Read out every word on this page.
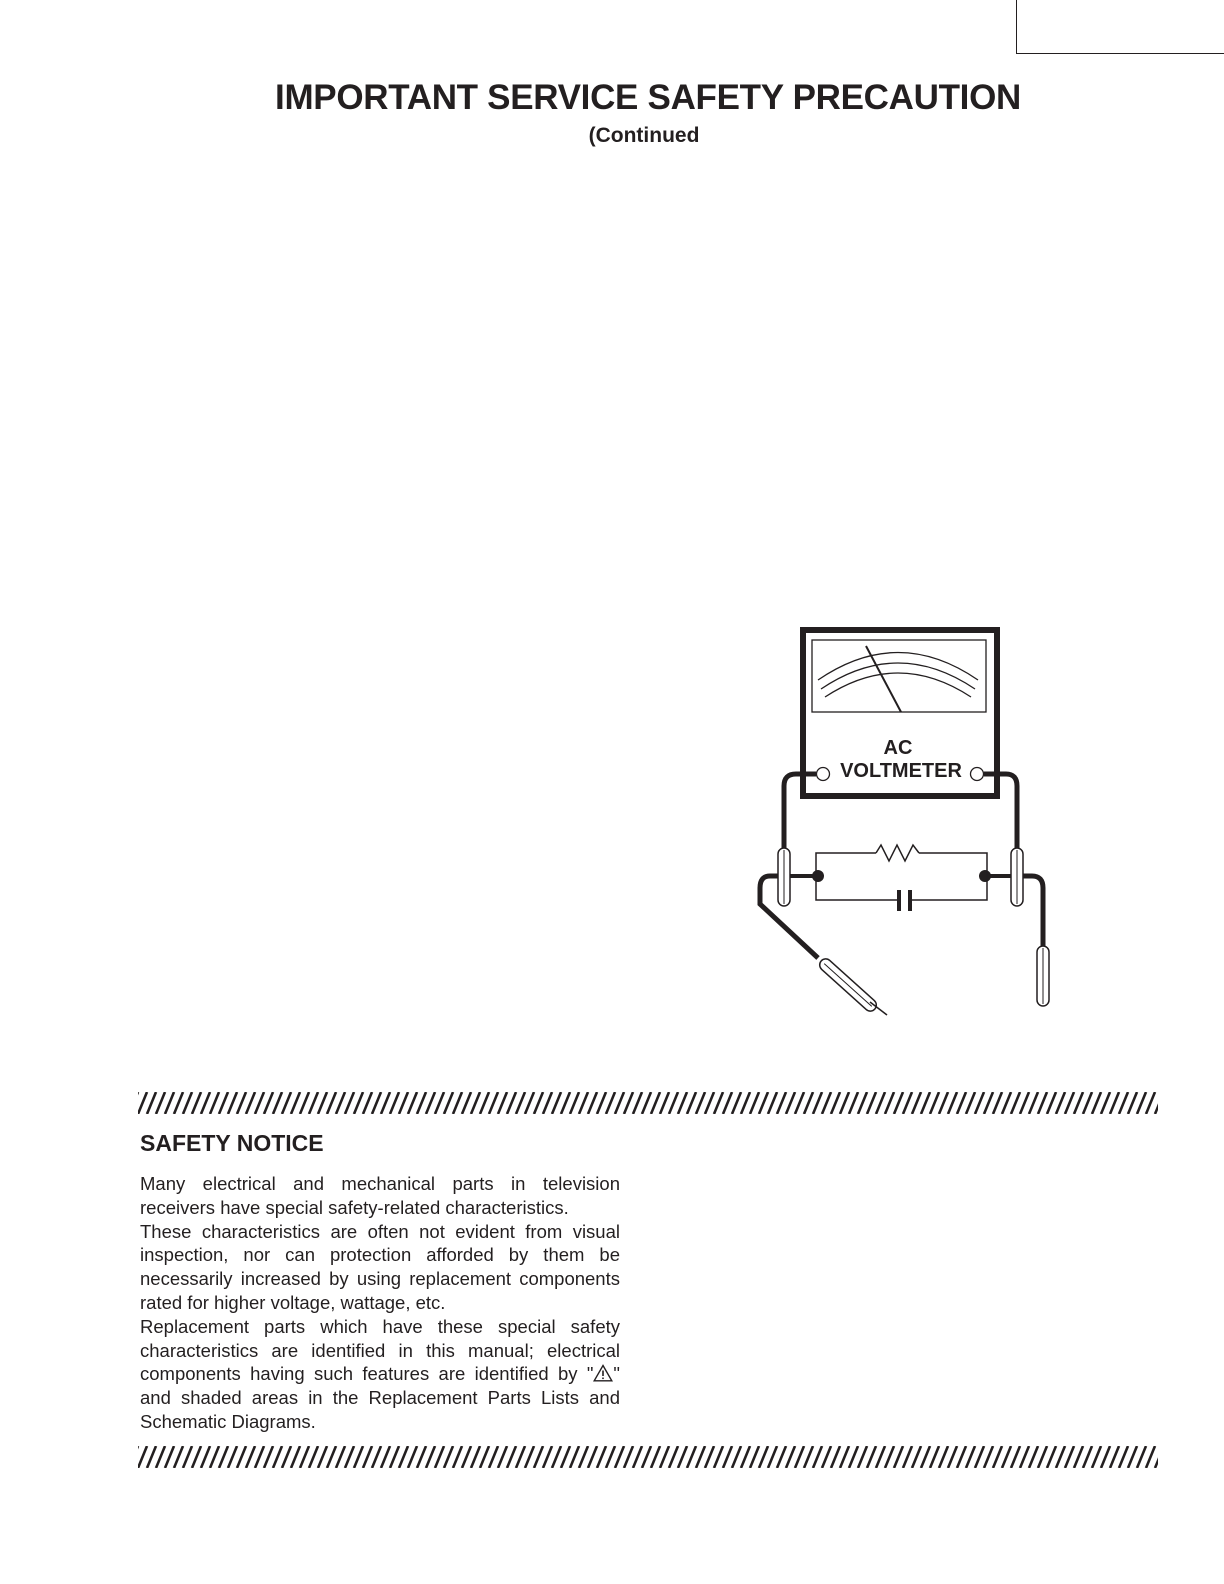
IMPORTANT SERVICE SAFETY PRECAUTION
(Continued
AC
VOLTMETER
SAFETY NOTICE

Many electrical and mechanical parts in television receivers have special safety-related characteristics.

These characteristics are often not evident from visual inspection, nor can protection afforded by them be necessarily increased by using replacement components rated for higher voltage, wattage, etc.

Replacement parts which have these special safety characteristics are identified in this manual; electrical components having such features are identified by " " and shaded areas in the Replacement Parts Lists and Schematic Diagrams.
